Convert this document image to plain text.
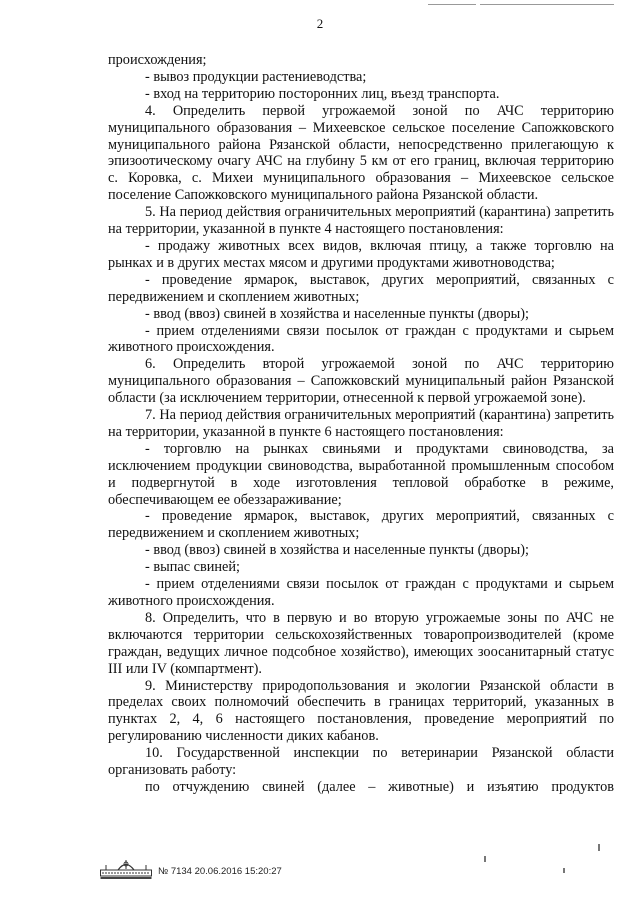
2

происхождения;

- вывоз продукции растениеводства;

- вход на территорию посторонних лиц, въезд транспорта.

4. Определить первой угрожаемой зоной по АЧС территорию муниципального образования – Михеевское сельское поселение Сапожковского муниципального района Рязанской области, непосредственно прилегающую к эпизоотическому очагу АЧС на глубину 5 км от его границ, включая территорию с. Коровка, с. Михеи муниципального образования – Михеевское сельское поселение Сапожковского муниципального района Рязанской области.

5. На период действия ограничительных мероприятий (карантина) запретить на территории, указанной в пункте 4 настоящего постановления:

- продажу животных всех видов, включая птицу, а также торговлю на рынках и в других местах мясом и другими продуктами животноводства;

- проведение ярмарок, выставок, других мероприятий, связанных с передвижением и скоплением животных;

- ввод (ввоз) свиней в хозяйства и населенные пункты (дворы);

- прием отделениями связи посылок от граждан с продуктами и сырьем животного происхождения.

6. Определить второй угрожаемой зоной по АЧС территорию муниципального образования – Сапожковский муниципальный район Рязанской области (за исключением территории, отнесенной к первой угрожаемой зоне).

7. На период действия ограничительных мероприятий (карантина) запретить на территории, указанной в пункте 6 настоящего постановления:

- торговлю на рынках свиньями и продуктами свиноводства, за исключением продукции свиноводства, выработанной промышленным способом и подвергнутой в ходе изготовления тепловой обработке в режиме, обеспечивающем ее обеззараживание;

- проведение ярмарок, выставок, других мероприятий, связанных с передвижением и скоплением животных;

- ввод (ввоз) свиней в хозяйства и населенные пункты (дворы);

- выпас свиней;

- прием отделениями связи посылок от граждан с продуктами и сырьем животного происхождения.

8. Определить, что в первую и во вторую угрожаемые зоны по АЧС не включаются территории сельскохозяйственных товаропроизводителей (кроме граждан, ведущих личное подсобное хозяйство), имеющих зоосанитарный статус III или IV (компартмент).

9. Министерству природопользования и экологии Рязанской области в пределах своих полномочий обеспечить в границах территорий, указанных в пунктах 2, 4, 6 настоящего постановления, проведение мероприятий по регулированию численности диких кабанов.

10. Государственной инспекции по ветеринарии Рязанской области организовать работу:

по отчуждению свиней (далее – животные) и изъятию продуктов

№ 7134 20.06.2016 15:20:27
